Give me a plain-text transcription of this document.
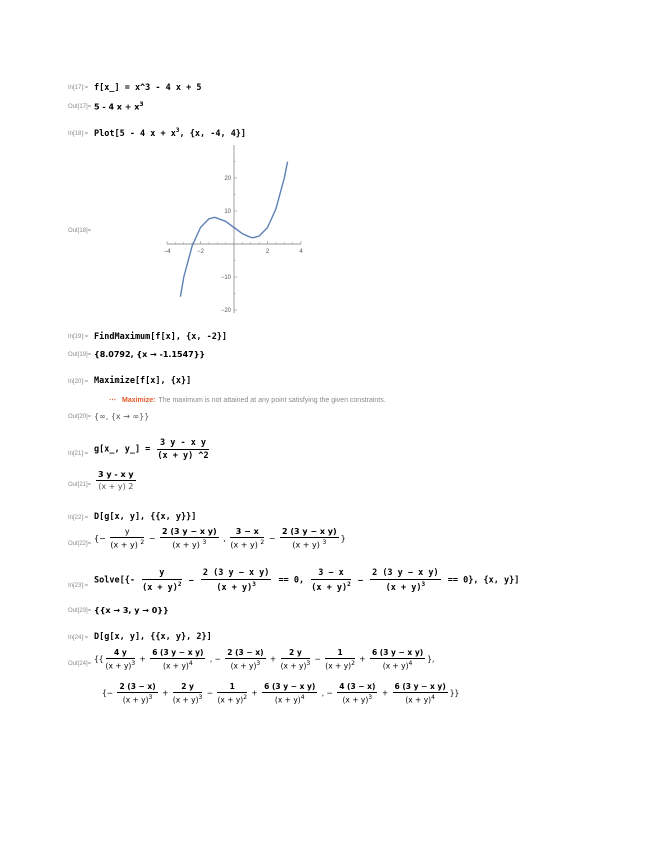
In[17]:= f[x_] = x^3 - 4 x + 5
Out[17]= 5 - 4 $x + x^3$
In[18]:= Plot[5 - 4 $x + x^3$, {x, -4, 4}]
Out[18]=
−4	−2	2	4
20
10
−10
−20
In[19]:= FindMaximum[f[x], {x, -2}]
Out[19]= {8.0792, {x → -1.1547}}
In[20]:= Maximize[f[x], {x}]
⋯ Maximize: The maximum is not attained at any point satisfying the given constraints.
Out[20]= {∞, {x → ∞}}
In[21]:= g[x_, y_] = $\frac{\text{3 y - x y}}{(x + y) \^{}2}$
$Out[21]= \frac{\text{3 y - x y}}{(x + y) 2}$
In[22]:= D[g[x, y], {{x, y}}]
Out[22]=
{− $\frac{y}{(x + y) ^2} - \frac{\text{2 (3 y − x y)}}{(x + y) ^3}$ , $\frac{3 - x}{(x + y) ^2} - \frac{\text{2 (3 y − x y)}}{(x + y) ^3}$ }
In[23]:=
Solve[{- $\frac{y}{(x + y)^2} - \frac{\text{2 (3 y − x y)}}{(x + y)^3} == 0$, $\frac{3 - x}{(x + y)^2} - \frac{\text{2 (3 y − x y)}}{(x + y)^3} == 0$}, {x, y}]
Out[23]= {{x → 3, y → 0}}
In[24]:= D[g[x, y], {{x, y}, 2}]
Out[24]=
{{ $\frac{4 y}{(x + y)^3} + \frac{\text{6 (3 y − x y)}}{(x + y)^4}$ , − $\frac{2 (3 - x)}{(x + y)^3} + \frac{2 y}{(x + y)^3} - \frac{1}{(x + y)^2} + \frac{\text{6 (3 y − x y)}}{(x + y)^4}$ },
{− $\frac{2 (3 - x)}{(x + y)^3} + \frac{2 y}{(x + y)^3} - \frac{1}{(x + y)^2} + \frac{\text{6 (3 y − x y)}}{(x + y)^4}$ , − $\frac{4 (3 - x)}{(x + y)^3} + \frac{\text{6 (3 y − x y)}}{(x + y)^4}$ }}
